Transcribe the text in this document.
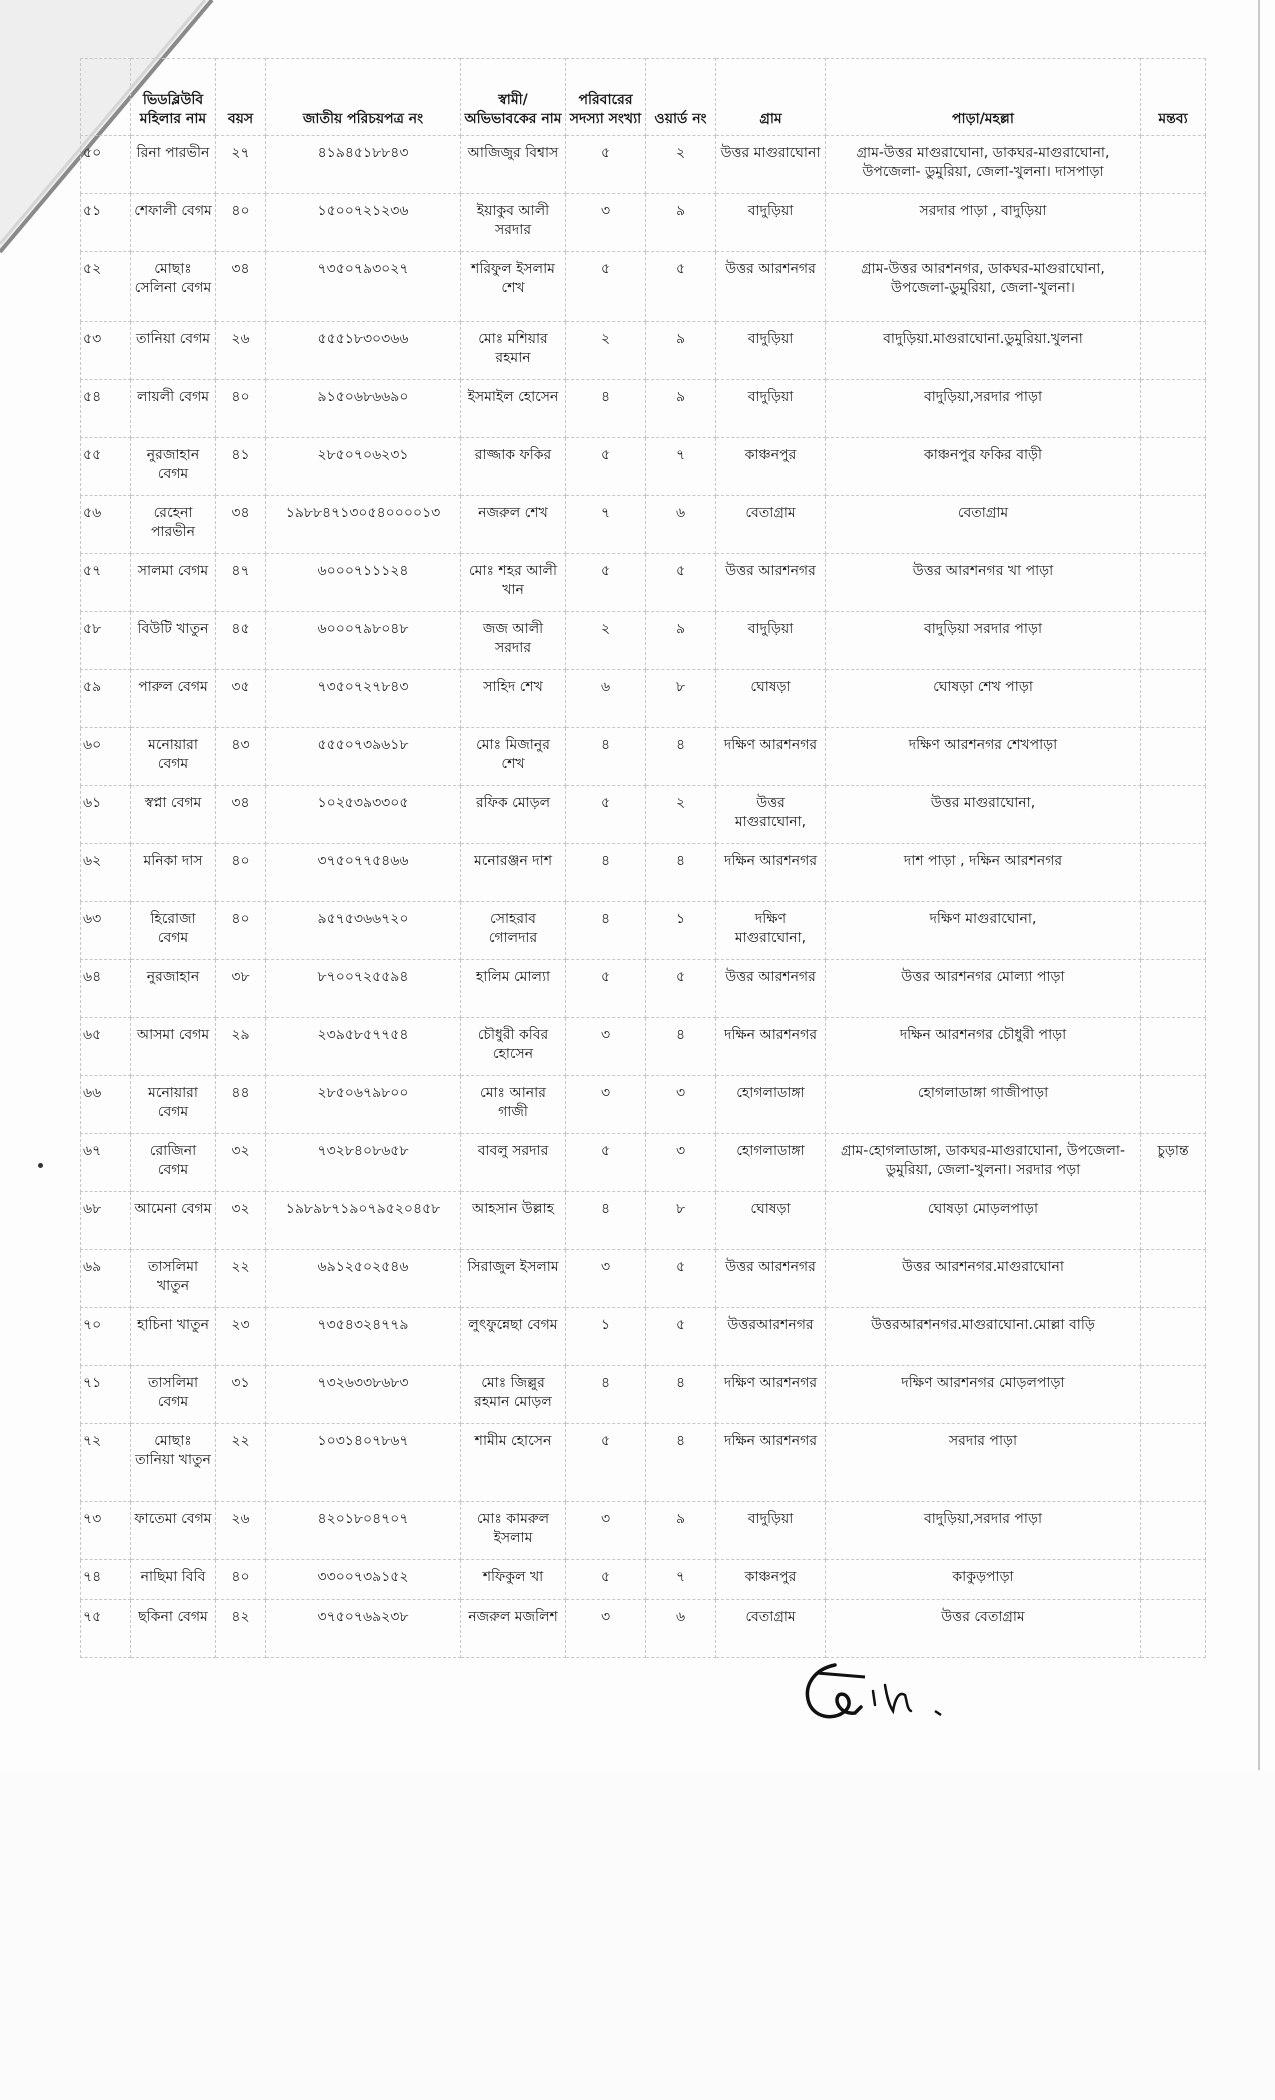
	ভিডব্লিউবি মহিলার নাম	বয়স	জাতীয় পরিচয়পত্র নং	স্বামী/ অভিভাবকের নাম	পরিবারের সদস্যা সংখ্যা	ওয়ার্ড নং	গ্রাম	পাড়া/মহল্লা	মন্তব্য
৫০	রিনা পারভীন	২৭	৪১৯৪৫১৮৮৪৩	আজিজুর বিশ্বাস	৫	২	উত্তর মাগুরাঘোনা	গ্রাম-উত্তর মাগুরাঘোনা, ডাকঘর-মাগুরাঘোনা, উপজেলা- ডুমুরিয়া, জেলা-খুলনা। দাসপাড়া	
৫১	শেফালী বেগম	৪০	১৫০০৭২১২৩৬	ইয়াকুব আলী সরদার	৩	৯	বাদুড়িয়া	সরদার পাড়া , বাদুড়িয়া	
৫২	মোছাঃ সেলিনা বেগম	৩৪	৭৩৫০৭৯৩০২৭	শরিফুল ইসলাম শেখ	৫	৫	উত্তর আরশনগর	গ্রাম-উত্তর আরশনগর, ডাকঘর-মাগুরাঘোনা, উপজেলা-ডুমুরিয়া, জেলা-খুলনা।	
৫৩	তানিয়া বেগম	২৬	৫৫৫১৮৩০৩৬৬	মোঃ মশিয়ার রহমান	২	৯	বাদুড়িয়া	বাদুড়িয়া.মাগুরাঘোনা.ডুমুরিয়া.খুলনা	
৫৪	লায়লী বেগম	৪০	৯১৫০৬৮৬৬৯০	ইসমাইল হোসেন	৪	৯	বাদুড়িয়া	বাদুড়িয়া,সরদার পাড়া	
৫৫	নুরজাহান বেগম	৪১	২৮৫০৭০৬২৩১	রাজ্জাক ফকির	৫	৭	কাঞ্চনপুর	কাঞ্চনপুর ফকির বাড়ী	
৫৬	রেহেনা পারভীন	৩৪	১৯৮৮৪৭১৩০৫৪০০০০১৩	নজরুল শেখ	৭	৬	বেতাগ্রাম	বেতাগ্রাম	
৫৭	সালমা বেগম	৪৭	৬০০০৭১১১২৪	মোঃ শহর আলী খান	৫	৫	উত্তর আরশনগর	উত্তর আরশনগর খা পাড়া	
৫৮	বিউটি খাতুন	৪৫	৬০০০৭৯৮০৪৮	জজ আলী সরদার	২	৯	বাদুড়িয়া	বাদুড়িয়া সরদার পাড়া	
৫৯	পারুল বেগম	৩৫	৭৩৫০৭২৭৮৪৩	সাহিদ শেখ	৬	৮	ঘোষড়া	ঘোষড়া শেখ পাড়া	
৬০	মনোয়ারা বেগম	৪৩	৫৫৫০৭৩৯৬১৮	মোঃ মিজানুর শেখ	৪	৪	দক্ষিণ আরশনগর	দক্ষিণ আরশনগর শেখপাড়া	
৬১	স্বপ্না বেগম	৩৪	১০২৫৩৯৩৩০৫	রফিক মোড়ল	৫	২	উত্তর মাগুরাঘোনা,	উত্তর মাগুরাঘোনা,	
৬২	মনিকা দাস	৪০	৩৭৫০৭৭৫৪৬৬	মনোরঞ্জন দাশ	৪	৪	দক্ষিন আরশনগর	দাশ পাড়া , দক্ষিন আরশনগর	
৬৩	হিরোজা বেগম	৪০	৯৫৭৫৩৬৬৭২০	সোহরাব গোলদার	৪	১	দক্ষিণ মাগুরাঘোনা,	দক্ষিণ মাগুরাঘোনা,	
৬৪	নুরজাহান	৩৮	৮৭০০৭২৫৫৯৪	হালিম মোল্যা	৫	৫	উত্তর আরশনগর	উত্তর আরশনগর মোল্যা পাড়া	
৬৫	আসমা বেগম	২৯	২৩৯৫৮৫৭৭৫৪	চৌধুরী কবির হোসেন	৩	৪	দক্ষিন আরশনগর	দক্ষিন আরশনগর চৌধুরী পাড়া	
৬৬	মনোয়ারা বেগম	৪৪	২৮৫০৬৭৯৮০০	মোঃ আনার গাজী	৩	৩	হোগলাডাঙ্গা	হোগলাডাঙ্গা গাজীপাড়া	
৬৭	রোজিনা বেগম	৩২	৭৩২৮৪০৮৬৫৮	বাবলু সরদার	৫	৩	হোগলাডাঙ্গা	গ্রাম-হোগলাডাঙ্গা, ডাকঘর-মাগুরাঘোনা, উপজেলা-ডুমুরিয়া, জেলা-খুলনা। সরদার পড়া	চুড়ান্ত
৬৮	আমেনা বেগম	৩২	১৯৮৯৮৭১৯০৭৯৫২০৪৫৮	আহসান উল্লাহ	৪	৮	ঘোষড়া	ঘোষড়া মোড়লপাড়া	
৬৯	তাসলিমা খাতুন	২২	৬৯১২৫০২৫৪৬	সিরাজুল ইসলাম	৩	৫	উত্তর আরশনগর	উত্তর আরশনগর.মাগুরাঘোনা	
৭০	হাচিনা খাতুন	২৩	৭৩৫৪৩২৪৭৭৯	লুৎফুন্নেছা বেগম	১	৫	উত্তরআরশনগর	উত্তরআরশনগর.মাগুরাঘোনা.মোল্লা বাড়ি	
৭১	তাসলিমা বেগম	৩১	৭৩২৬৩৩৮৬৮৩	মোঃ জিল্লুর রহমান মোড়ল	৪	৪	দক্ষিণ আরশনগর	দক্ষিণ আরশনগর মোড়লপাড়া	
৭২	মোছাঃ তানিয়া খাতুন	২২	১০৩১৪০৭৮৬৭	শামীম হোসেন	৫	৪	দক্ষিন আরশনগর	সরদার পাড়া	
৭৩	ফাতেমা বেগম	২৬	৪২০১৮০৪৭০৭	মোঃ কামরুল ইসলাম	৩	৯	বাদুড়িয়া	বাদুড়িয়া,সরদার পাড়া	
৭৪	নাছিমা বিবি	৪০	৩৩০০৭৩৯১৫২	শফিকুল খা	৫	৭	কাঞ্চনপুর	কাকুড়পাড়া	
৭৫	ছকিনা বেগম	৪২	৩৭৫০৭৬৯২৩৮	নজরুল মজলিশ	৩	৬	বেতাগ্রাম	উত্তর বেতাগ্রাম	
